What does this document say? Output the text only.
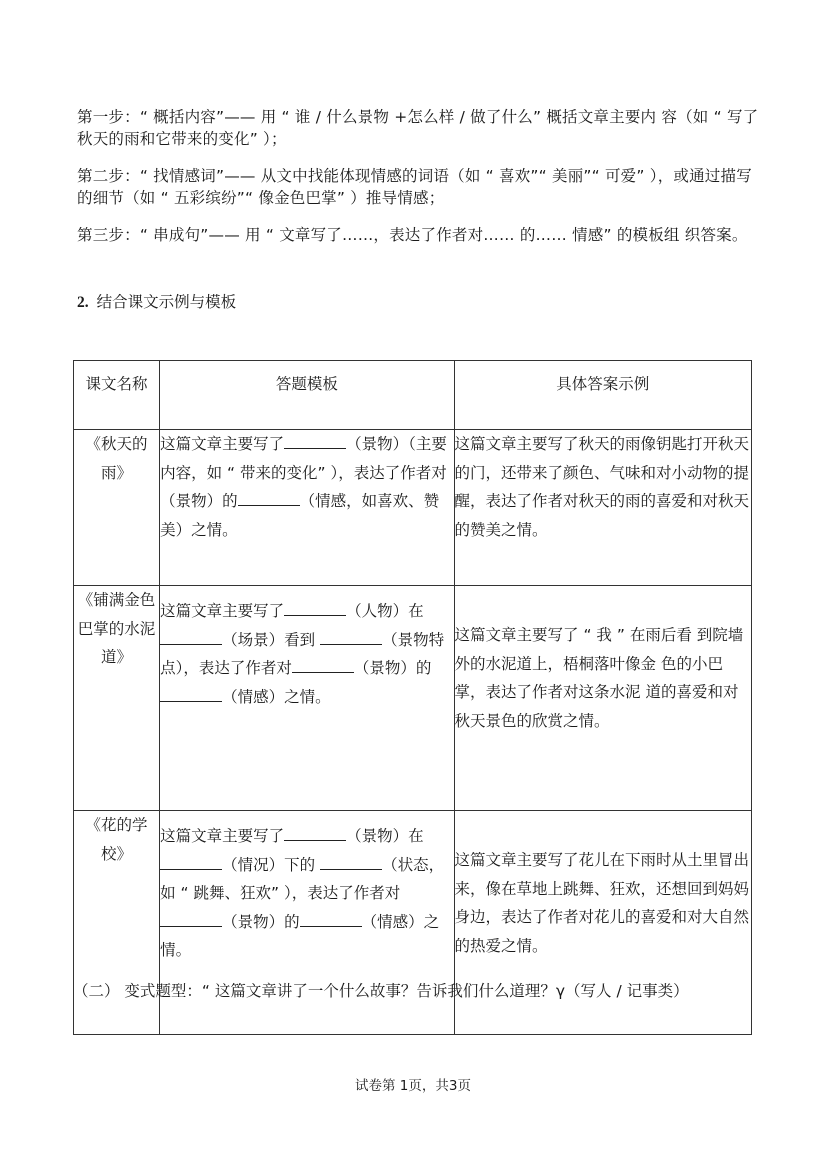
第一步：“ 概括内容”—— 用 “ 谁 / 什么景物 +怎么样 / 做了什么” 概括文章主要内 容（如 “ 写了秋天的雨和它带来的变化” ）；
第二步：“ 找情感词”—— 从文中找能体现情感的词语（如 “ 喜欢”“ 美丽”“ 可爱” ），或通过描写的细节（如 “ 五彩缤纷”“ 像金色巴掌” ）推导情感；
第三步：“ 串成句”—— 用 “ 文章写了……，表达了作者对…… 的…… 情感” 的模板组 织答案。
2. 结合课文示例与模板
课文名称	答题模板	具体答案示例
《秋天的雨》	这篇文章主要写了 （景物）（主要内容，如 “ 带来的变化” ），表达了作者对（景物）的 （情感，如喜欢、赞美）之情。	这篇文章主要写了秋天的雨像钥匙打开秋天的门，还带来了颜色、气味和对小动物的提醒，表达了作者对秋天的雨的喜爱和对秋天的赞美之情。
《铺满金色巴掌的水泥道》	这篇文章主要写了 （人物）在（场景）看到 （景物特点），表达了作者对 （景物）的 （情感）之情。	这篇文章主要写了 “ 我 ” 在雨后看 到院墙外的水泥道上，梧桐落叶像金 色的小巴掌，表达了作者对这条水泥 道的喜爱和对秋天景色的欣赏之情。
《花的学校》	这篇文章主要写了 （景物）在（情况）下的 （状态，如 “ 跳舞、狂欢” ），表达了作者对（景物）的 （情感）之情。	这篇文章主要写了花儿在下雨时从土里冒出来，像在草地上跳舞、狂欢，还想回到妈妈身边，表达了作者对花儿的喜爱和对大自然的热爱之情。
（二） 变式题型：“ 这篇文章讲了一个什么故事？告诉我们什么道理？γ（写人 / 记事类）
试卷第 1页，共3页
